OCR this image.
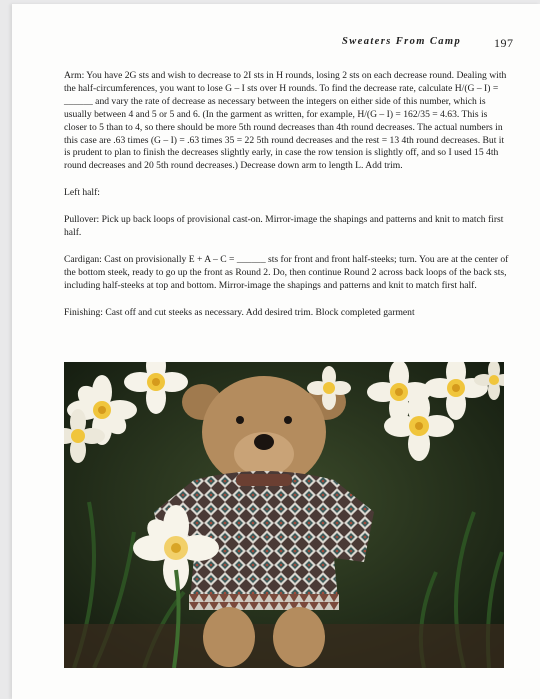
Sweaters From Camp	197

Arm: You have 2G sts and wish to decrease to 2I sts in H rounds, losing 2 sts on each decrease round. Dealing with the half-circumferences, you want to lose G – I sts over H rounds. To find the decrease rate, calculate H/(G – I) = ______ and vary the rate of decrease as necessary between the integers on either side of this number, which is usually between 4 and 5 or 5 and 6. (In the garment as written, for example, H/(G – I) = 162/35 = 4.63. This is closer to 5 than to 4, so there should be more 5th round decreases than 4th round decreases. The actual numbers in this case are .63 times (G – I) = .63 times 35 = 22 5th round decreases and the rest = 13 4th round decreases. But it is prudent to plan to finish the decreases slightly early, in case the row tension is slightly off, and so I used 15 4th round decreases and 20 5th round decreases.) Decrease down arm to length L. Add trim.

Left half:

Pullover: Pick up back loops of provisional cast-on. Mirror-image the shapings and patterns and knit to match first half.

Cardigan: Cast on provisionally E + A – C = ______ sts for front and front half-steeks; turn. You are at the center of the bottom steek, ready to go up the front as Round 2. Do, then continue Round 2 across back loops of the back sts, including half-steeks at top and bottom. Mirror-image the shapings and patterns and knit to match first half.

Finishing: Cast off and cut steeks as necessary. Add desired trim. Block completed garment
